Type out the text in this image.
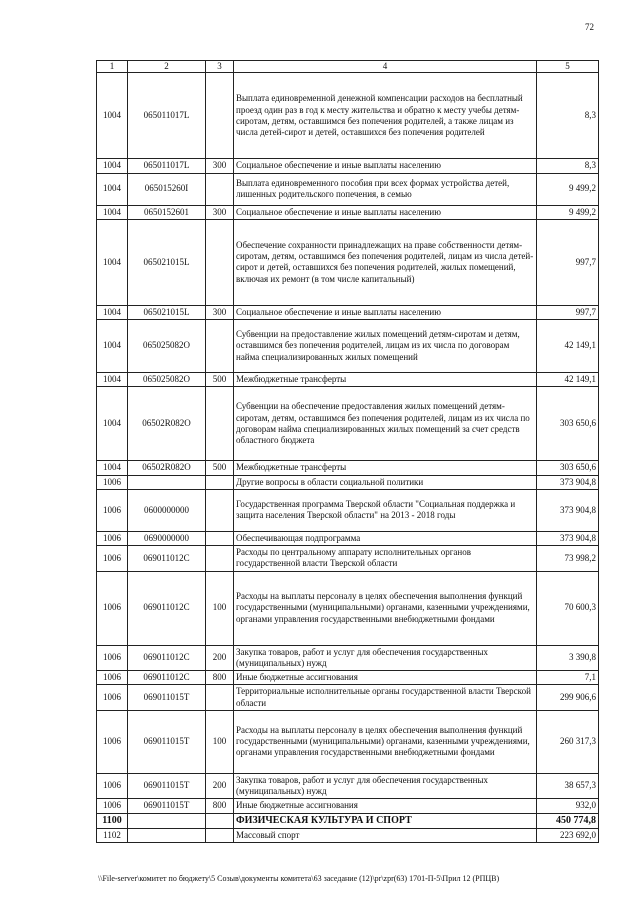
72
1	2	3	4	5
1004	065011017L		Выплата единовременной денежной компенсации расходов на бесплатный проезд один раз в год к месту жительства и обратно к месту учебы детям-сиротам, детям, оставшимся без попечения родителей, а также лицам из числа детей-сирот и детей, оставшихся без попечения родителей	8,3
1004	065011017L	300	Социальное обеспечение и иные выплаты населению	8,3
1004	065015260I		Выплата единовременного пособия при всех формах устройства детей, лишенных родительского попечения, в семью	9 499,2
1004	0650152601	300	Социальное обеспечение и иные выплаты населению	9 499,2
1004	065021015L		Обеспечение сохранности принадлежащих на праве собственности детям-сиротам, детям, оставшимся без попечения родителей, лицам из числа детей-сирот и детей, оставшихся без попечения родителей, жилых помещений, включая их ремонт (в том числе капитальный)	997,7
1004	065021015L	300	Социальное обеспечение и иные выплаты населению	997,7
1004	065025082O		Субвенции на предоставление жилых помещений детям-сиротам и детям, оставшимся без попечения родителей, лицам из их числа по договорам найма специализированных жилых помещений	42 149,1
1004	065025082O	500	Межбюджетные трансферты	42 149,1
1004	06502R082O		Субвенции на обеспечение предоставления жилых помещений детям-сиротам, детям, оставшимся без попечения родителей, лицам из их числа по договорам найма специализированных жилых помещений за счет средств областного бюджета	303 650,6
1004	06502R082O	500	Межбюджетные трансферты	303 650,6
1006			Другие вопросы в области социальной политики	373 904,8
1006	0600000000		Государственная программа Тверской области "Социальная поддержка и защита населения Тверской области" на 2013 - 2018 годы	373 904,8
1006	0690000000		Обеспечивающая подпрограмма	373 904,8
1006	069011012C		Расходы по центральному аппарату исполнительных органов государственной власти Тверской области	73 998,2
1006	069011012C	100	Расходы на выплаты персоналу в целях обеспечения выполнения функций государственными (муниципальными) органами, казенными учреждениями, органами управления государственными внебюджетными фондами	70 600,3
1006	069011012C	200	Закупка товаров, работ и услуг для обеспечения государственных (муниципальных) нужд	3 390,8
1006	069011012C	800	Иные бюджетные ассигнования	7,1
1006	069011015T		Территориальные исполнительные органы государственной власти Тверской области	299 906,6
1006	069011015T	100	Расходы на выплаты персоналу в целях обеспечения выполнения функций государственными (муниципальными) органами, казенными учреждениями, органами управления государственными внебюджетными фондами	260 317,3
1006	069011015T	200	Закупка товаров, работ и услуг для обеспечения государственных (муниципальных) нужд	38 657,3
1006	069011015T	800	Иные бюджетные ассигнования	932,0
1100			ФИЗИЧЕСКАЯ КУЛЬТУРА И СПОРТ	450 774,8
1102			Массовый спорт	223 692,0
\\File-server\комитет по бюджету\5 Созыв\документы комитета\63 заседание (12)\pr\zpr(63) 1701-П-5\Прил 12 (РПЦВ)
